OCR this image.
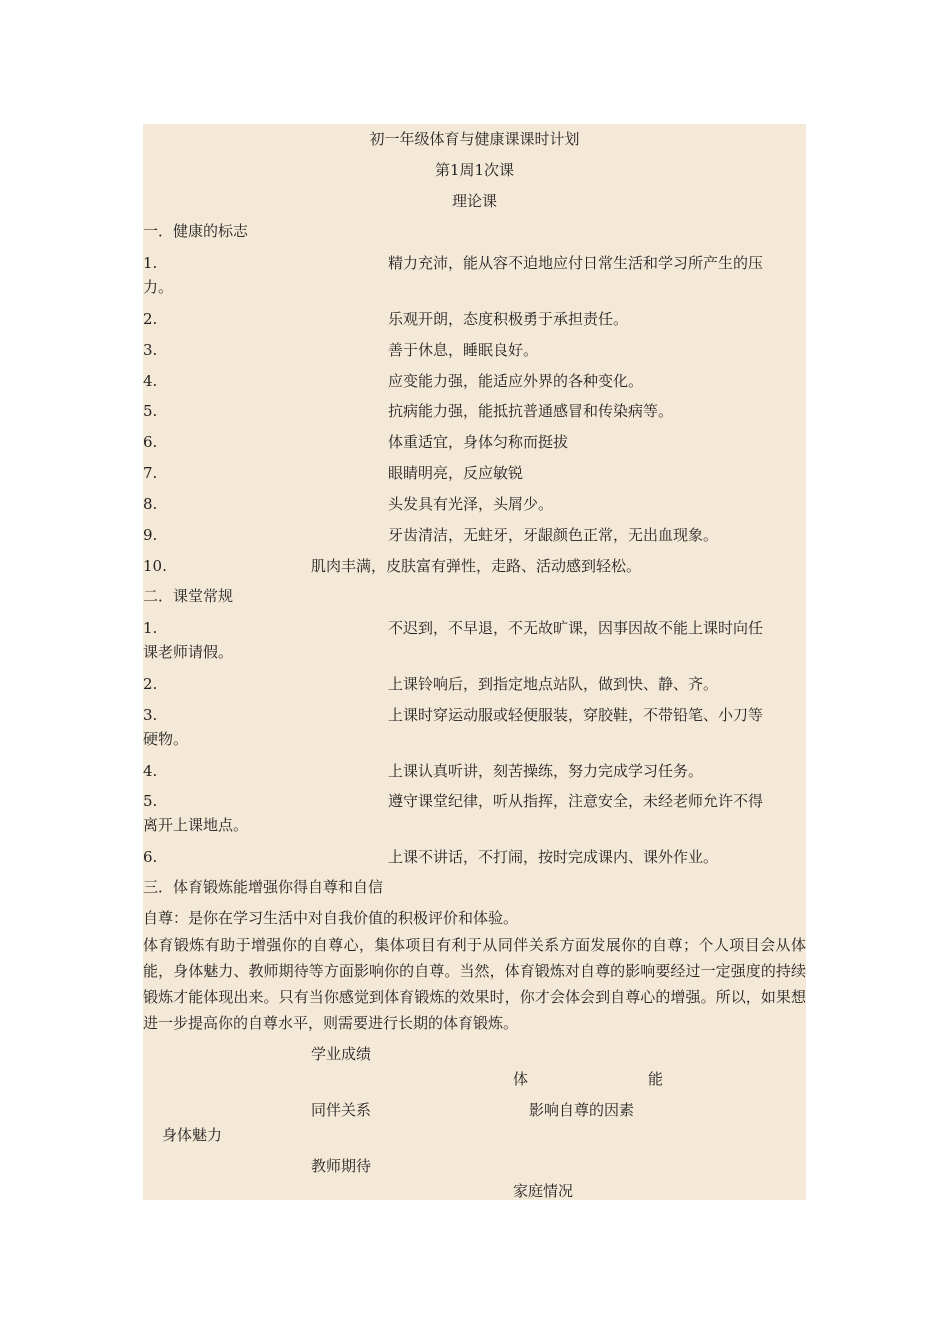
初一年级体育与健康课课时计划
第1周1次课
理论课
一．健康的标志
1.	精力充沛，能从容不迫地应付日常生活和学习所产生的压
力。
2.	乐观开朗，态度积极勇于承担责任。
3.	善于休息，睡眠良好。
4.	应变能力强，能适应外界的各种变化。
5.	抗病能力强，能抵抗普通感冒和传染病等。
6.	体重适宜，身体匀称而挺拔
7.	眼睛明亮，反应敏锐
8.	头发具有光泽，头屑少。
9.	牙齿清洁，无蛀牙，牙龈颜色正常，无出血现象。
10.	肌肉丰满，皮肤富有弹性，走路、活动感到轻松。
二．课堂常规
1.	不迟到，不早退，不无故旷课，因事因故不能上课时向任
课老师请假。
2.	上课铃响后，到指定地点站队，做到快、静、齐。
3.	上课时穿运动服或轻便服装，穿胶鞋，不带铅笔、小刀等
硬物。
4.	上课认真听讲，刻苦操练，努力完成学习任务。
5.	遵守课堂纪律，听从指挥，注意安全，未经老师允许不得
离开上课地点。
6.	上课不讲话，不打闹，按时完成课内、课外作业。
三．体育锻炼能增强你得自尊和自信
自尊：是你在学习生活中对自我价值的积极评价和体验。
体育锻炼有助于增强你的自尊心，集体项目有利于从同伴关系方面发展你的自尊；个人项目会从体能，身体魅力、教师期待等方面影响你的自尊。当然，体育锻炼对自尊的影响要经过一定强度的持续锻炼才能体现出来。只有当你感觉到体育锻炼的效果时，你才会体会到自尊心的增强。所以，如果想进一步提高你的自尊水平，则需要进行长期的体育锻炼。
学业成绩
体	能
同伴关系	影响自尊的因素
身体魅力
教师期待
家庭情况
